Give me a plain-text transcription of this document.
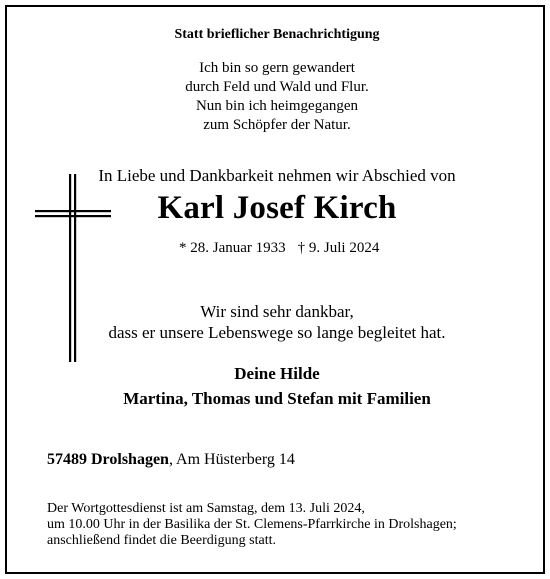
Statt brieflicher Benachrichtigung
Ich bin so gern gewandert
durch Feld und Wald und Flur.
Nun bin ich heimgegangen
zum Schöpfer der Natur.
In Liebe und Dankbarkeit nehmen wir Abschied von
Karl Josef Kirch
* 28. Januar 1933 † 9. Juli 2024
Wir sind sehr dankbar,
dass er unsere Lebenswege so lange begleitet hat.
Deine Hilde
Martina, Thomas und Stefan mit Familien
57489 Drolshagen, Am Hüsterberg 14
Der Wortgottesdienst ist am Samstag, dem 13. Juli 2024,
um 10.00 Uhr in der Basilika der St. Clemens-Pfarrkirche in Drolshagen;
anschließend findet die Beerdigung statt.
